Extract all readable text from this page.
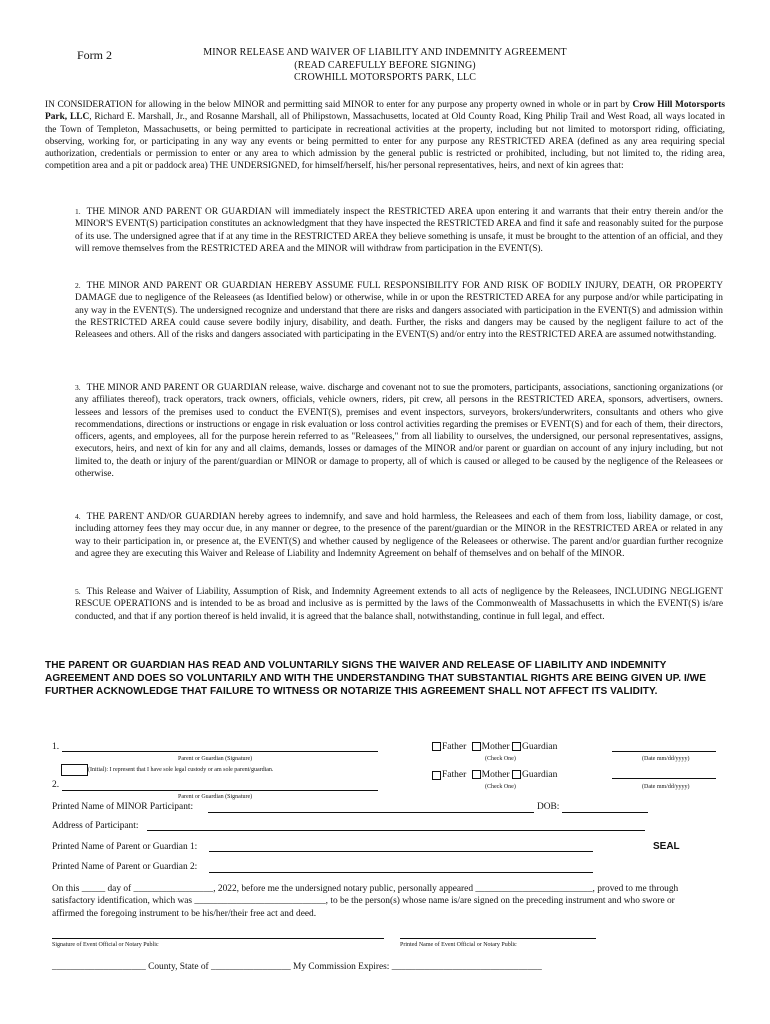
Form 2	MINOR RELEASE AND WAIVER OF LIABILITY AND INDEMNITY AGREEMENT
(READ CAREFULLY BEFORE SIGNING)
CROWHILL MOTORSPORTS PARK, LLC
IN CONSIDERATION for allowing in the below MINOR and permitting said MINOR to enter for any purpose any property owned in whole or in part by Crow Hill Motorsports Park, LLC, Richard E. Marshall, Jr., and Rosanne Marshall, all of Philipstown, Massachusetts, located at Old County Road, King Philip Trail and West Road, all ways located in the Town of Templeton, Massachusetts, or being permitted to participate in recreational activities at the property, including but not limited to motorsport riding, officiating, observing, working for, or participating in any way any events or being permitted to enter for any purpose any RESTRICTED AREA (defined as any area requiring special authorization, credentials or permission to enter or any area to which admission by the general public is restricted or prohibited, including, but not limited to, the riding area, competition area and a pit or paddock area) THE UNDERSIGNED, for himself/herself, his/her personal representatives, heirs, and next of kin agrees that:
1. THE MINOR AND PARENT OR GUARDIAN will immediately inspect the RESTRICTED AREA upon entering it and warrants that their entry therein and/or the MINOR'S EVENT(S) participation constitutes an acknowledgment that they have inspected the RESTRICTED AREA and find it safe and reasonably suited for the purpose of its use. The undersigned agree that if at any time in the RESTRICTED AREA they believe something is unsafe, it must be brought to the attention of an official, and they will remove themselves from the RESTRICTED AREA and the MINOR will withdraw from participation in the EVENT(S).
2. THE MINOR AND PARENT OR GUARDIAN HEREBY ASSUME FULL RESPONSIBILITY FOR AND RISK OF BODILY INJURY, DEATH, OR PROPERTY DAMAGE due to negligence of the Releasees (as Identified below) or otherwise, while in or upon the RESTRICTED AREA for any purpose and/or while participating in any way in the EVENT(S). The undersigned recognize and understand that there are risks and dangers associated with participation in the EVENT(S) and admission within the RESTRICTED AREA could cause severe bodily injury, disability, and death. Further, the risks and dangers may be caused by the negligent failure to act of the Releasees and others. All of the risks and dangers associated with participating in the EVENT(S) and/or entry into the RESTRICTED AREA are assumed notwithstanding.
3. THE MINOR AND PARENT OR GUARDIAN release, waive. discharge and covenant not to sue the promoters, participants, associations, sanctioning organizations (or any affiliates thereof), track operators, track owners, officials, vehicle owners, riders, pit crew, all persons in the RESTRICTED AREA, sponsors, advertisers, owners. lessees and lessors of the premises used to conduct the EVENT(S), premises and event inspectors, surveyors, brokers/underwriters, consultants and others who give recommendations, directions or instructions or engage in risk evaluation or loss control activities regarding the premises or EVENT(S) and for each of them, their directors, officers, agents, and employees, all for the purpose herein referred to as "Releasees," from all liability to ourselves, the undersigned, our personal representatives, assigns, executors, heirs, and next of kin for any and all claims, demands, losses or damages of the MINOR and/or parent or guardian on account of any injury including, but not limited to, the death or injury of the parent/guardian or MINOR or damage to property, all of which is caused or alleged to be caused by the negligence of the Releasees or otherwise.
4. THE PARENT AND/OR GUARDIAN hereby agrees to indemnify, and save and hold harmless, the Releasees and each of them from loss, liability damage, or cost, including attorney fees they may occur due, in any manner or degree, to the presence of the parent/guardian or the MINOR in the RESTRICTED AREA or related in any way to their participation in, or presence at, the EVENT(S) and whether caused by negligence of the Releasees or otherwise. The parent and/or guardian further recognize and agree they are executing this Waiver and Release of Liability and Indemnity Agreement on behalf of themselves and on behalf of the MINOR.
5. This Release and Waiver of Liability, Assumption of Risk, and Indemnity Agreement extends to all acts of negligence by the Releasees, INCLUDING NEGLIGENT RESCUE OPERATIONS and is intended to be as broad and inclusive as is permitted by the laws of the Commonwealth of Massachusetts in which the EVENT(S) is/are conducted, and that if any portion thereof is held invalid, it is agreed that the balance shall, notwithstanding, continue in full legal, and effect.
THE PARENT OR GUARDIAN HAS READ AND VOLUNTARILY SIGNS THE WAIVER AND RELEASE OF LIABILITY AND INDEMNITY AGREEMENT AND DOES SO VOLUNTARILY AND WITH THE UNDERSTANDING THAT SUBSTANTIAL RIGHTS ARE BEING GIVEN UP. I/WE FURTHER ACKNOWLEDGE THAT FAILURE TO WITNESS OR NOTARIZE THIS AGREEMENT SHALL NOT AFFECT ITS VALIDITY.
1.
Parent or Guardian (Signature)
(Initial): I represent that I have sole legal custody or am sole parent/guardian.
Father Mother Guardian
(Check One)	(Date mm/dd/yyyy)
2.
Parent or Guardian (Signature)
Father Mother Guardian
(Check One)	(Date mm/dd/yyyy)
Printed Name of MINOR Participant:	DOB:
Address of Participant:
Printed Name of Parent or Guardian 1:	SEAL
Printed Name of Parent or Guardian 2:
On this _____ day of _________________, 2022, before me the undersigned notary public, personally appeared _________________________, proved to me through
satisfactory identification, which was ____________________________, to be the person(s) whose name is/are signed on the preceding instrument and who swore or
affirmed the foregoing instrument to be his/her/their free act and deed.
Signature of Event Official or Notary Public	Printed Name of Event Official or Notary Public
____________________ County, State of _________________ My Commission Expires: ________________________________
